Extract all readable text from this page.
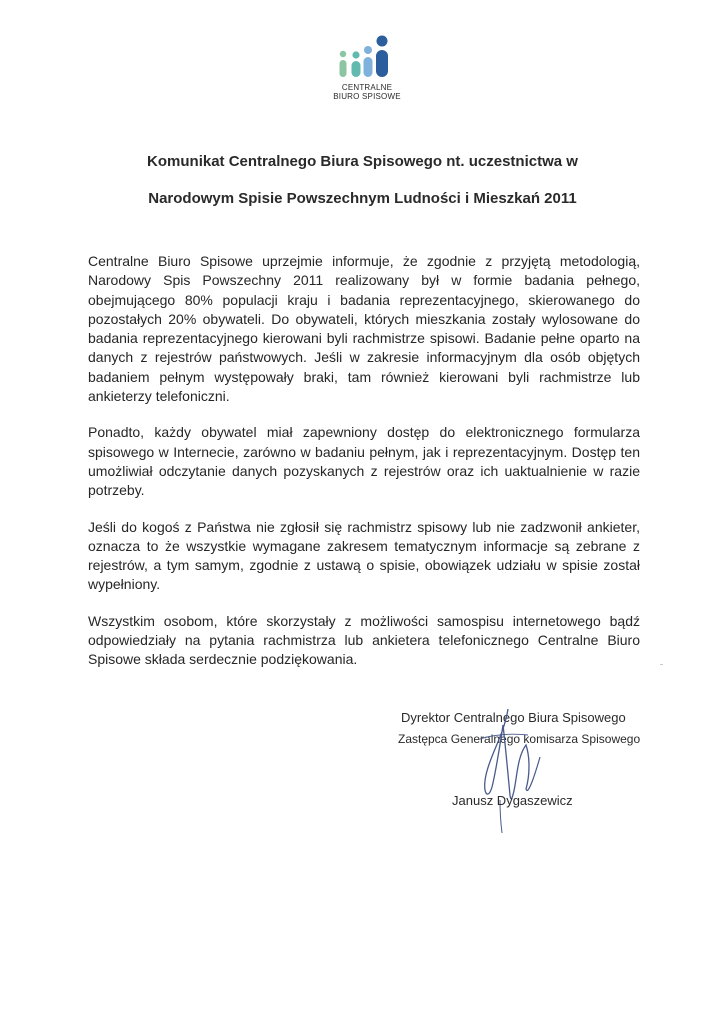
CENTRALNE
BIURO SPISOWE
Komunikat Centralnego Biura Spisowego nt. uczestnictwa w
Narodowym Spisie Powszechnym Ludności i Mieszkań 2011

Centralne Biuro Spisowe uprzejmie informuje, że zgodnie z przyjętą metodologią, Narodowy Spis Powszechny 2011 realizowany był w formie badania pełnego, obejmującego 80% populacji kraju i badania reprezentacyjnego, skierowanego do pozostałych 20% obywateli. Do obywateli, których mieszkania zostały wylosowane do badania reprezentacyjnego kierowani byli rachmistrze spisowi. Badanie pełne oparto na danych z rejestrów państwowych. Jeśli w zakresie informacyjnym dla osób objętych badaniem pełnym występowały braki, tam również kierowani byli rachmistrze lub ankieterzy telefoniczni.

Ponadto, każdy obywatel miał zapewniony dostęp do elektronicznego formularza spisowego w Internecie, zarówno w badaniu pełnym, jak i reprezentacyjnym. Dostęp ten umożliwiał odczytanie danych pozyskanych z rejestrów oraz ich uaktualnienie w razie potrzeby.

Jeśli do kogoś z Państwa nie zgłosił się rachmistrz spisowy lub nie zadzwonił ankieter, oznacza to że wszystkie wymagane zakresem tematycznym informacje są zebrane z rejestrów, a tym samym, zgodnie z ustawą o spisie, obowiązek udziału w spisie został wypełniony.

Wszystkim osobom, które skorzystały z możliwości samospisu internetowego bądź odpowiedziały na pytania rachmistrza lub ankietera telefonicznego Centralne Biuro Spisowe składa serdecznie podziękowania.

Dyrektor Centralnego Biura Spisowego
Zastępca Generalnego komisarza Spisowego
Janusz Dygaszewicz
